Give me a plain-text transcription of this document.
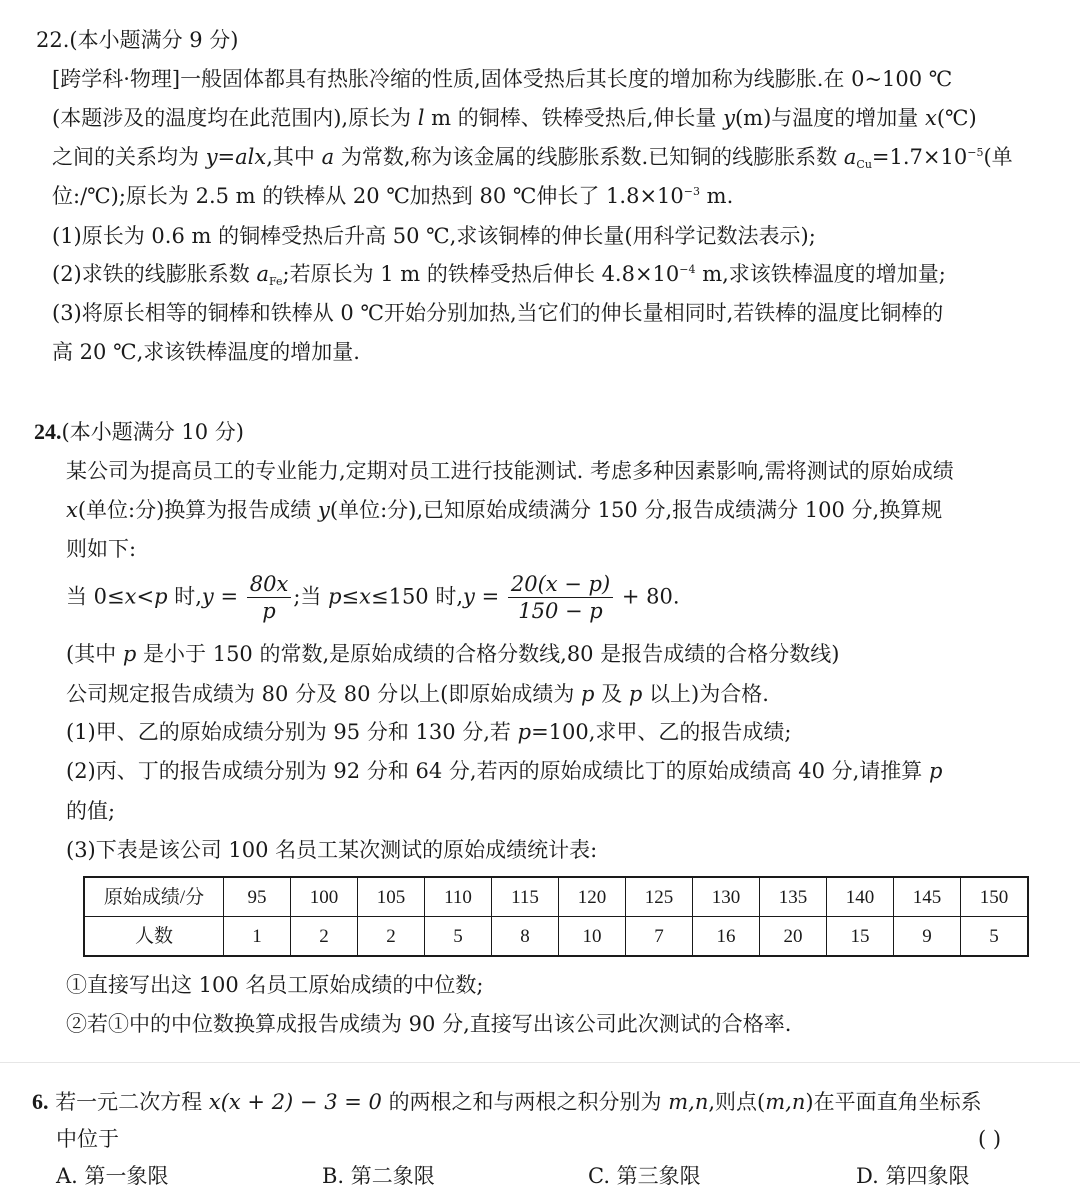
22.(本小题满分 9 分)
[跨学科·物理]一般固体都具有热胀冷缩的性质,固体受热后其长度的增加称为线膨胀.在 0~100 ℃
(本题涉及的温度均在此范围内),原长为 l m 的铜棒、铁棒受热后,伸长量 y(m)与温度的增加量 x(℃)
之间的关系均为 y=alx,其中 a 为常数,称为该金属的线膨胀系数.已知铜的线膨胀系数 $a_{Cu}=1.7\times 10^{-5}$(单
位:/℃);原长为 2.5 m 的铁棒从 20 ℃加热到 80 ℃伸长了 $1.8\times 10^{-3}$ m.
(1)原长为 0.6 m 的铜棒受热后升高 50 ℃,求该铜棒的伸长量(用科学记数法表示);
(2)求铁的线膨胀系数 $a_{Fe}$;若原长为 1 m 的铁棒受热后伸长 $4.8\times 10^{-4}$ m,求该铁棒温度的增加量;
(3)将原长相等的铜棒和铁棒从 0 ℃开始分别加热,当它们的伸长量相同时,若铁棒的温度比铜棒的
高 20 ℃,求该铁棒温度的增加量.
24.(本小题满分 10 分)
某公司为提高员工的专业能力,定期对员工进行技能测试. 考虑多种因素影响,需将测试的原始成绩
x(单位:分)换算为报告成绩 y(单位:分),已知原始成绩满分 150 分,报告成绩满分 100 分,换算规
则如下:
当 0≤x<p 时$,y = \frac{80x}{p}$ ;当 p≤x≤150 时$,y = \frac{20(x - p)}{150 - p} + 80$.
(其中 p 是小于 150 的常数,是原始成绩的合格分数线,80 是报告成绩的合格分数线)
公司规定报告成绩为 80 分及 80 分以上(即原始成绩为 p 及 p 以上)为合格.
(1)甲、乙的原始成绩分别为 95 分和 130 分,若 p=100,求甲、乙的报告成绩;
(2)丙、丁的报告成绩分别为 92 分和 64 分,若丙的原始成绩比丁的原始成绩高 40 分,请推算 p
的值;
(3)下表是该公司 100 名员工某次测试的原始成绩统计表:
原始成绩/分	95	100	105	110	115	120	125	130	135	140	145	150
人数	1	2	2	5	8	10	7	16	20	15	9	5
①直接写出这 100 名员工原始成绩的中位数;
②若①中的中位数换算成报告成绩为 90 分,直接写出该公司此次测试的合格率.
6. 若一元二次方程 x(x + 2) − 3 = 0 的两根之和与两根之积分别为 m,n,则点(m,n)在平面直角坐标系
中位于	( )
A. 第一象限	B. 第二象限	C. 第三象限	D. 第四象限
